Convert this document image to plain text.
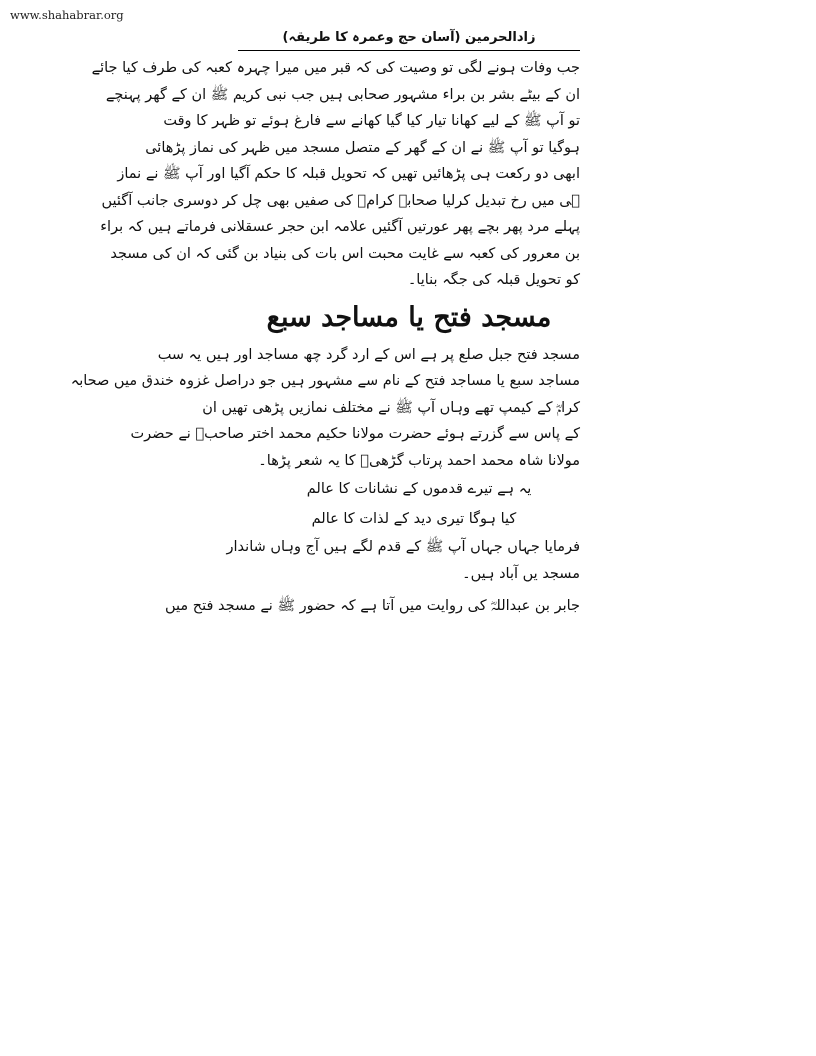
www.shahabrar.org
زادالحرمین (آسان حج وعمرہ کا طریقہ)
جب وفات ہونے لگی تو وصیت کی کہ قبر میں میرا چہرہ کعبہ کی طرف کیا جائے
ان کے بیٹے بشر بن براء مشہور صحابی ہیں جب نبی کریم ﷺ ان کے گھر پہنچے
تو آپ ﷺ کے لیے کھانا تیار کیا گیا کھانے سے فارغ ہوئے تو ظہر کا وقت
ہوگیا تو آپ ﷺ نے ان کے گھر کے متصل مسجد میں ظہر کی نماز پڑھائی
ابھی دو رکعت ہی پڑھائیں تھیں کہ تحویل قبلہ کا حکم آگیا اور آپ ﷺ نے نماز
ہی میں رخ تبدیل کرلیا صحابہ کرامؓ کی صفیں بھی چل کر دوسری جانب آگئیں
پہلے مرد پھر بچے پھر عورتیں آگئیں علامہ ابن حجر عسقلانی فرماتے ہیں کہ براء
بن معرور کی کعبہ سے غایت محبت اس بات کی بنیاد بن گئی کہ ان کی مسجد
کو تحویل قبلہ کی جگہ بنایا۔
مسجد فتح یا مساجد سبع
مسجد فتح جبل صلع پر ہے اس کے ارد گرد چھ مساجد اور ہیں یہ سب
مساجد سبع یا مساجد فتح کے نام سے مشہور ہیں جو دراصل غزوہ خندق میں صحابہ
کرامؓ کے کیمپ تھے وہاں آپ ﷺ نے مختلف نمازیں پڑھی تھیں ان
کے پاس سے گزرتے ہوئے حضرت مولانا حکیم محمد اختر صاحبؒ نے حضرت
مولانا شاہ محمد احمد پرتاب گڑھیؒ کا یہ شعر پڑھا۔
یہ ہے تیرے قدموں کے نشانات کا عالم
کیا ہوگا تیری دید کے لذات کا عالم
فرمایا جہاں جہاں آپ ﷺ کے قدم لگے ہیں آج وہاں شاندار
مسجد یں آباد ہیں۔
جابر بن عبداللہؓ کی روایت میں آتا ہے کہ حضور ﷺ نے مسجد فتح میں
